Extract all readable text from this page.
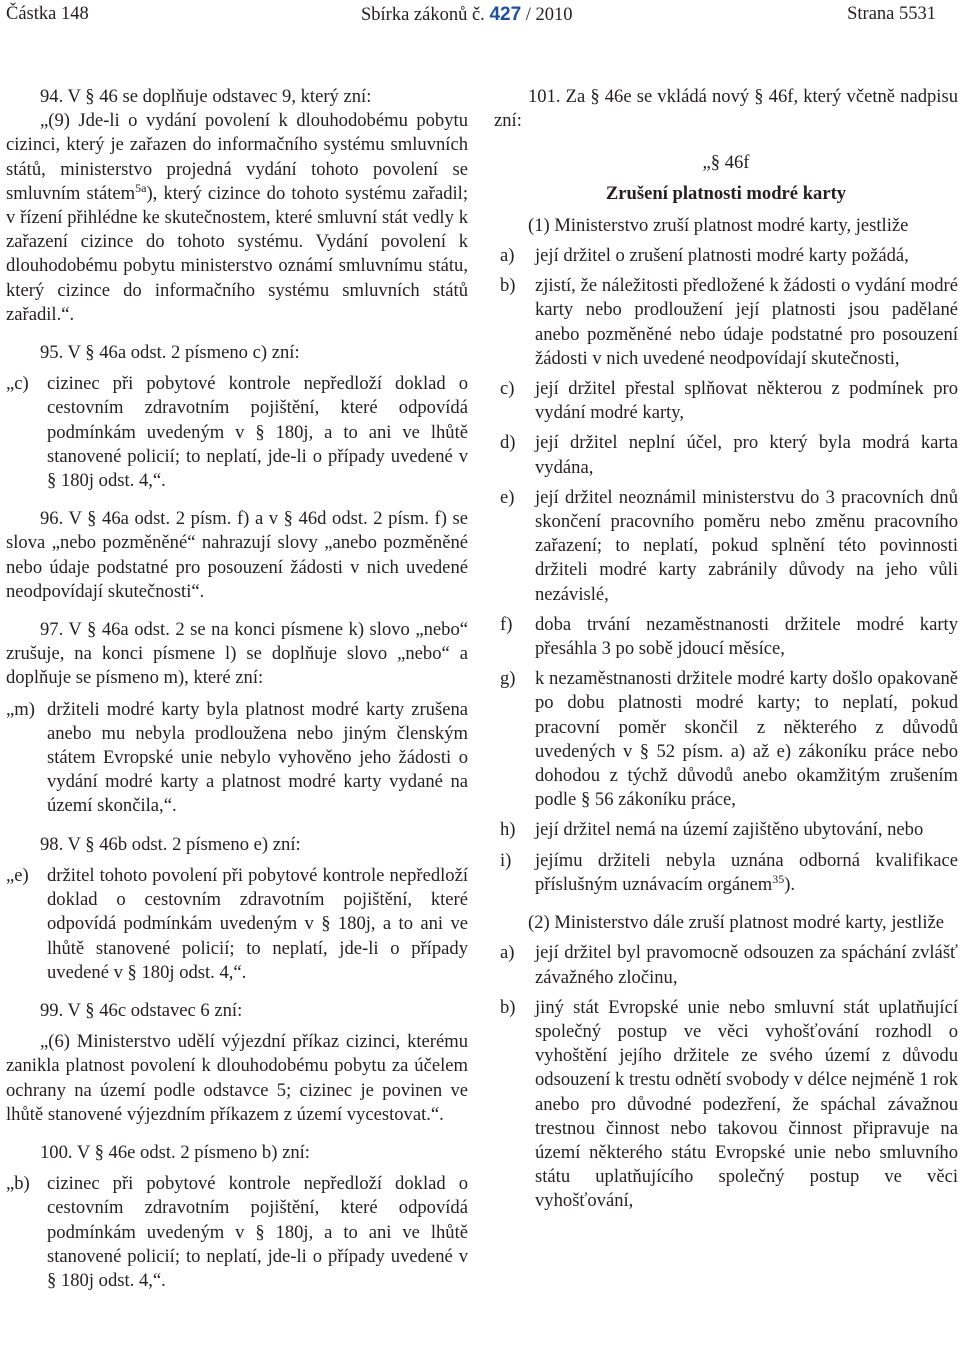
Částka 148	Sbírka zákonů č. 427 / 2010	Strana 5531

94. V § 46 se doplňuje odstavec 9, který zní:

„(9) Jde-li o vydání povolení k dlouhodobému pobytu cizinci, který je zařazen do informačního systému smluvních států, ministerstvo projedná vydání tohoto povolení se smluvním státem$^{5a}$), který cizince do tohoto systému zařadil; v řízení přihlédne ke skutečnostem, které smluvní stát vedly k zařazení cizince do tohoto systému. Vydání povolení k dlouhodobému pobytu ministerstvo oznámí smluvnímu státu, který cizince do informačního systému smluvních států zařadil.“.

95. V § 46a odst. 2 písmeno c) zní:

„c) cizinec při pobytové kontrole nepředloží doklad o cestovním zdravotním pojištění, které odpovídá podmínkám uvedeným v § 180j, a to ani ve lhůtě stanovené policií; to neplatí, jde-li o případy uvedené v § 180j odst. 4,“.

96. V § 46a odst. 2 písm. f) a v § 46d odst. 2 písm. f) se slova „nebo pozměněné“ nahrazují slovy „anebo pozměněné nebo údaje podstatné pro posouzení žádosti v nich uvedené neodpovídají skutečnosti“.

97. V § 46a odst. 2 se na konci písmene k) slovo „nebo“ zrušuje, na konci písmene l) se doplňuje slovo „nebo“ a doplňuje se písmeno m), které zní:

„m) držiteli modré karty byla platnost modré karty zrušena anebo mu nebyla prodloužena nebo jiným členským státem Evropské unie nebylo vyhověno jeho žádosti o vydání modré karty a platnost modré karty vydané na území skončila,“.

98. V § 46b odst. 2 písmeno e) zní:

„e) držitel tohoto povolení při pobytové kontrole nepředloží doklad o cestovním zdravotním pojištění, které odpovídá podmínkám uvedeným v § 180j, a to ani ve lhůtě stanovené policií; to neplatí, jde-li o případy uvedené v § 180j odst. 4,“.

99. V § 46c odstavec 6 zní:

„(6) Ministerstvo udělí výjezdní příkaz cizinci, kterému zanikla platnost povolení k dlouhodobému pobytu za účelem ochrany na území podle odstavce 5; cizinec je povinen ve lhůtě stanovené výjezdním příkazem z území vycestovat.“.

100. V § 46e odst. 2 písmeno b) zní:

„b) cizinec při pobytové kontrole nepředloží doklad o cestovním zdravotním pojištění, které odpovídá podmínkám uvedeným v § 180j, a to ani ve lhůtě stanovené policií; to neplatí, jde-li o případy uvedené v § 180j odst. 4,“.

101. Za § 46e se vkládá nový § 46f, který včetně nadpisu zní:

„§ 46f

Zrušení platnosti modré karty

(1) Ministerstvo zruší platnost modré karty, jestliže

a) její držitel o zrušení platnosti modré karty požádá,

b) zjistí, že náležitosti předložené k žádosti o vydání modré karty nebo prodloužení její platnosti jsou padělané anebo pozměněné nebo údaje podstatné pro posouzení žádosti v nich uvedené neodpovídají skutečnosti,

c) její držitel přestal splňovat některou z podmínek pro vydání modré karty,

d) její držitel neplní účel, pro který byla modrá karta vydána,

e) její držitel neoznámil ministerstvu do 3 pracovních dnů skončení pracovního poměru nebo změnu pracovního zařazení; to neplatí, pokud splnění této povinnosti držiteli modré karty zabránily důvody na jeho vůli nezávislé,

f) doba trvání nezaměstnanosti držitele modré karty přesáhla 3 po sobě jdoucí měsíce,

g) k nezaměstnanosti držitele modré karty došlo opakovaně po dobu platnosti modré karty; to neplatí, pokud pracovní poměr skončil z některého z důvodů uvedených v § 52 písm. a) až e) zákoníku práce nebo dohodou z týchž důvodů anebo okamžitým zrušením podle § 56 zákoníku práce,

h) její držitel nemá na území zajištěno ubytování, nebo

i) jejímu držiteli nebyla uznána odborná kvalifikace příslušným uznávacím orgánem$^{35}$).

(2) Ministerstvo dále zruší platnost modré karty, jestliže

a) její držitel byl pravomocně odsouzen za spáchání zvlášť závažného zločinu,

b) jiný stát Evropské unie nebo smluvní stát uplatňující společný postup ve věci vyhošťování rozhodl o vyhoštění jejího držitele ze svého území z důvodu odsouzení k trestu odnětí svobody v délce nejméně 1 rok anebo pro důvodné podezření, že spáchal závažnou trestnou činnost nebo takovou činnost připravuje na území některého státu Evropské unie nebo smluvního státu uplatňujícího společný postup ve věci vyhošťování,
